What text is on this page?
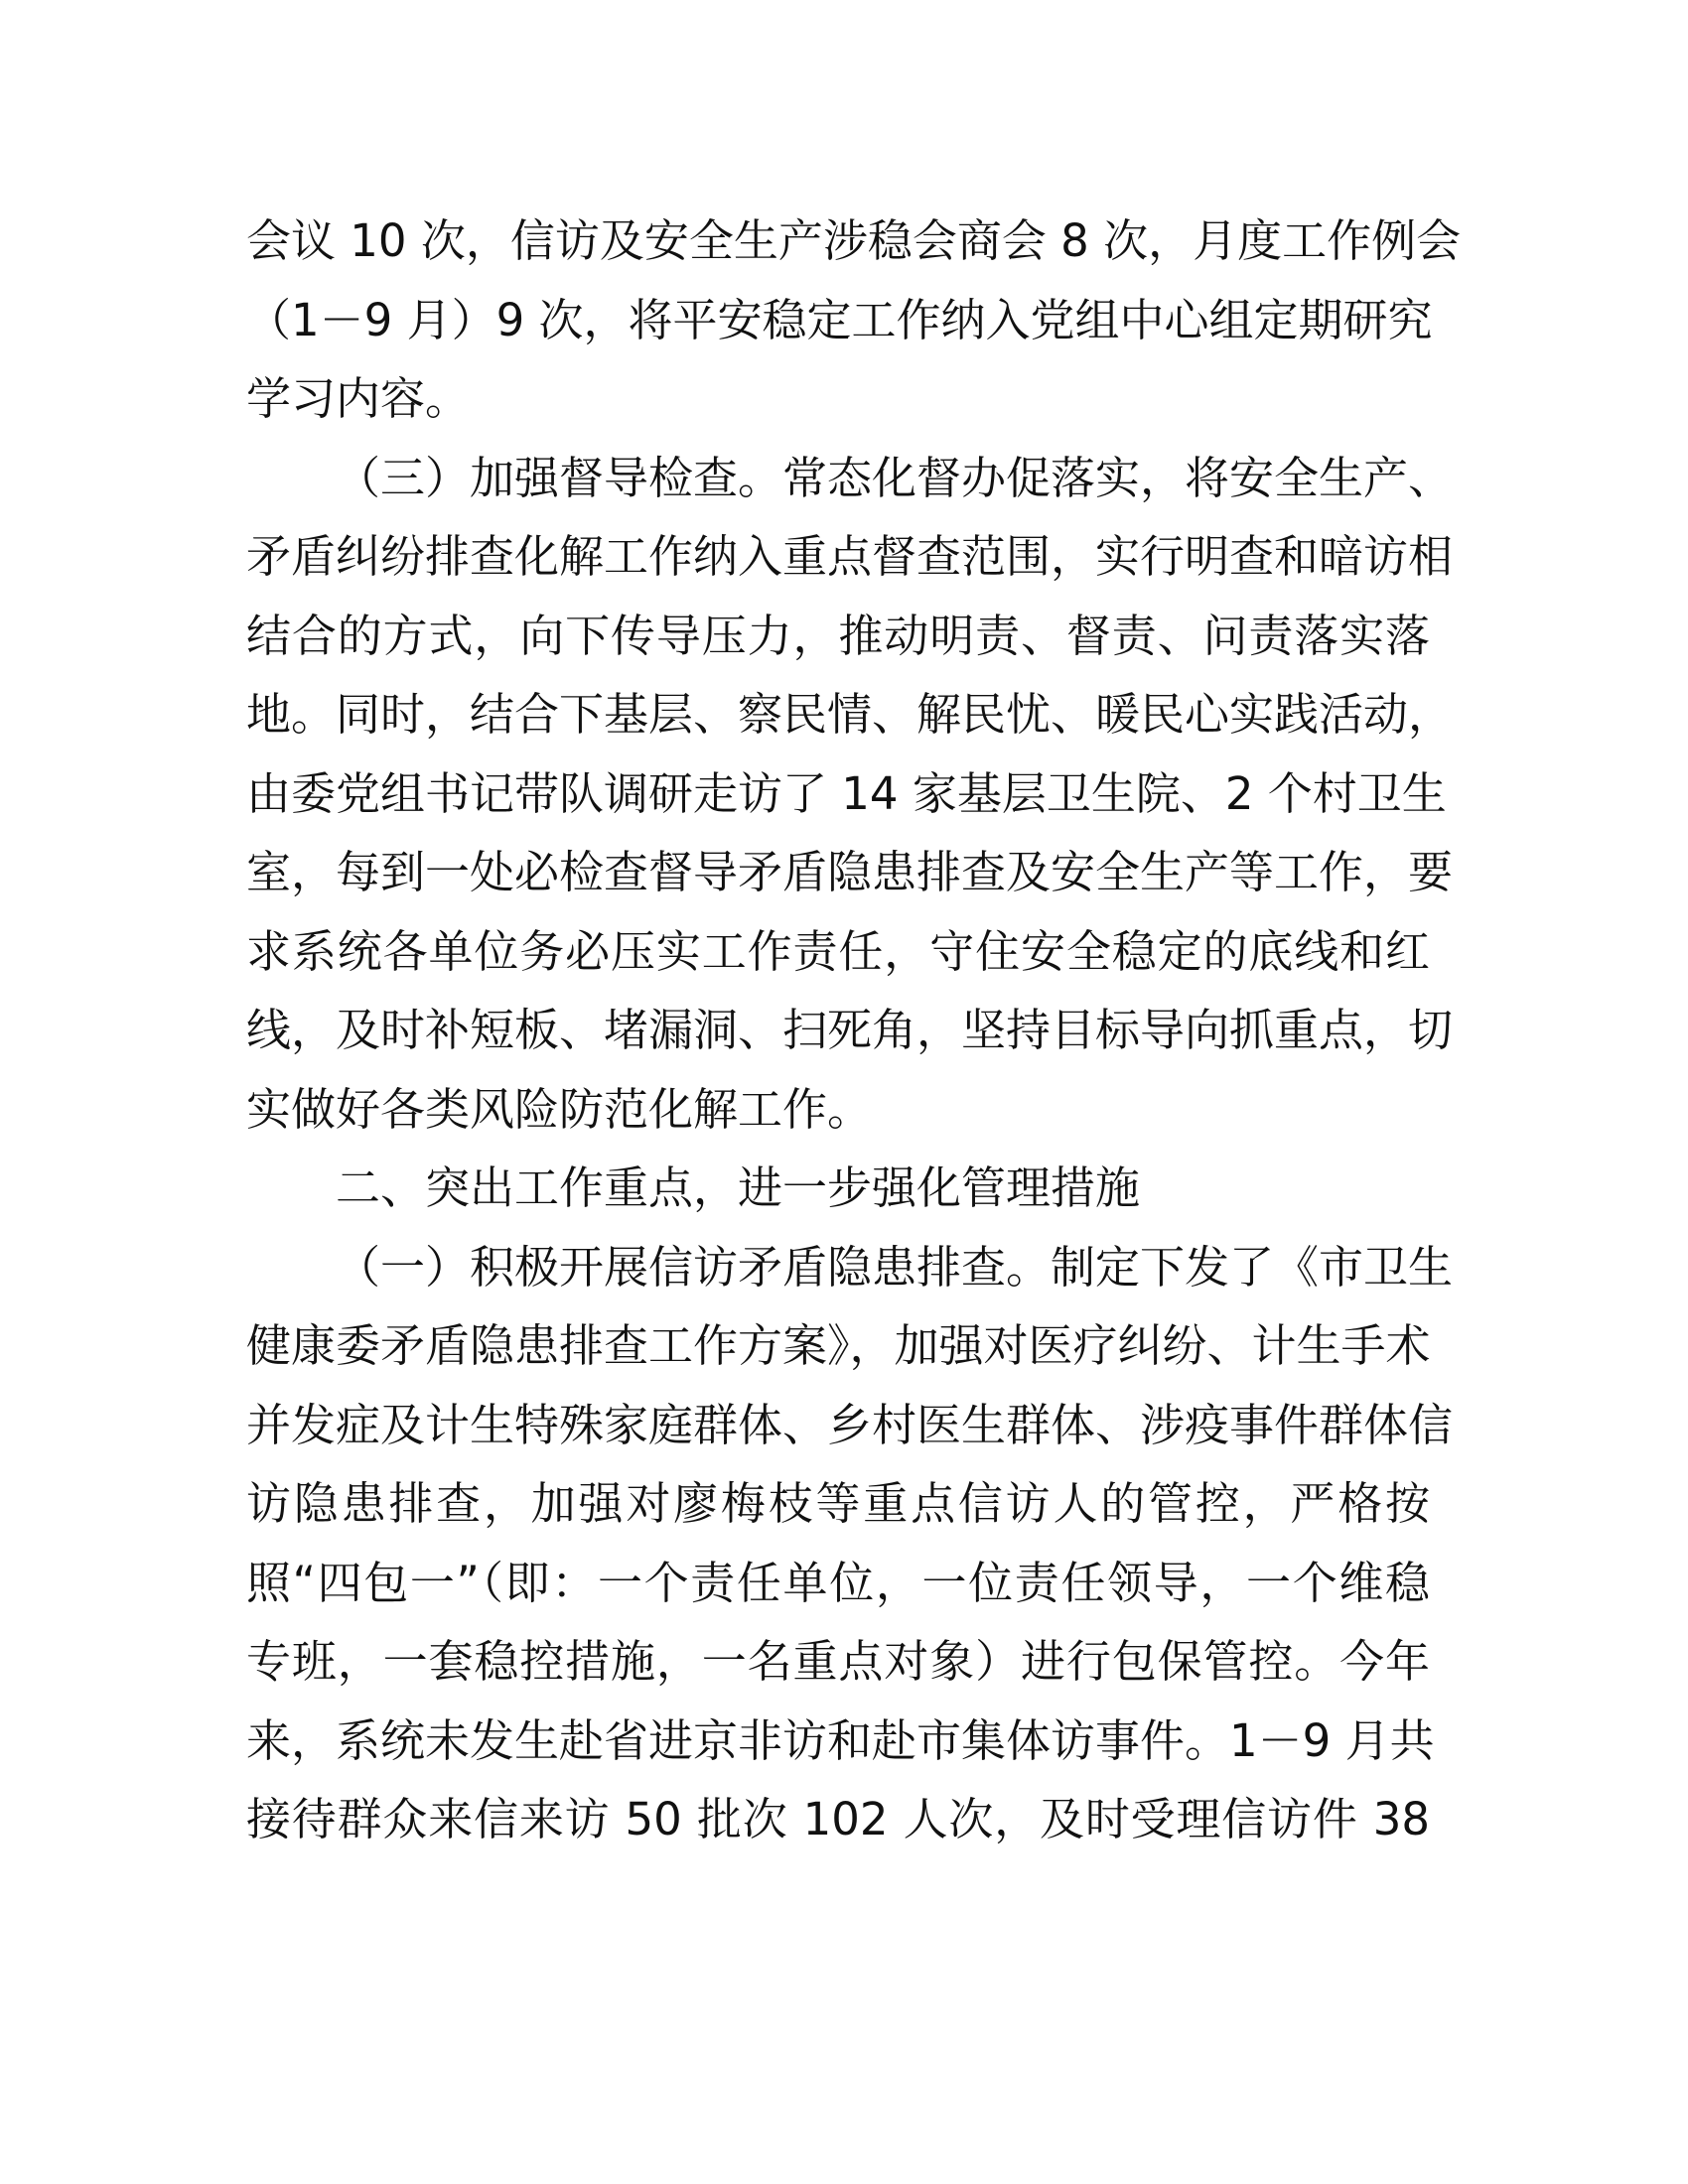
会议 10 次，信访及安全生产涉稳会商会 8 次，月度工作例会
（1－9 月）9 次，将平安稳定工作纳入党组中心组定期研究
学习内容。
（三）加强督导检查。常态化督办促落实，将安全生产、
矛盾纠纷排查化解工作纳入重点督查范围，实行明查和暗访相
结合的方式，向下传导压力，推动明责、督责、问责落实落
地。同时，结合下基层、察民情、解民忧、暖民心实践活动，
由委党组书记带队调研走访了 14 家基层卫生院、2 个村卫生
室，每到一处必检查督导矛盾隐患排查及安全生产等工作，要
求系统各单位务必压实工作责任，守住安全稳定的底线和红
线，及时补短板、堵漏洞、扫死角，坚持目标导向抓重点，切
实做好各类风险防范化解工作。
二、突出工作重点，进一步强化管理措施
（一）积极开展信访矛盾隐患排查。制定下发了《市卫生
健康委矛盾隐患排查工作方案》，加强对医疗纠纷、计生手术
并发症及计生特殊家庭群体、乡村医生群体、涉疫事件群体信
访隐患排查，加强对廖梅枝等重点信访人的管控，严格按
照“四包一”（即：一个责任单位，一位责任领导，一个维稳
专班，一套稳控措施，一名重点对象）进行包保管控。今年
来，系统未发生赴省进京非访和赴市集体访事件。1－9 月共
接待群众来信来访 50 批次 102 人次，及时受理信访件 38
